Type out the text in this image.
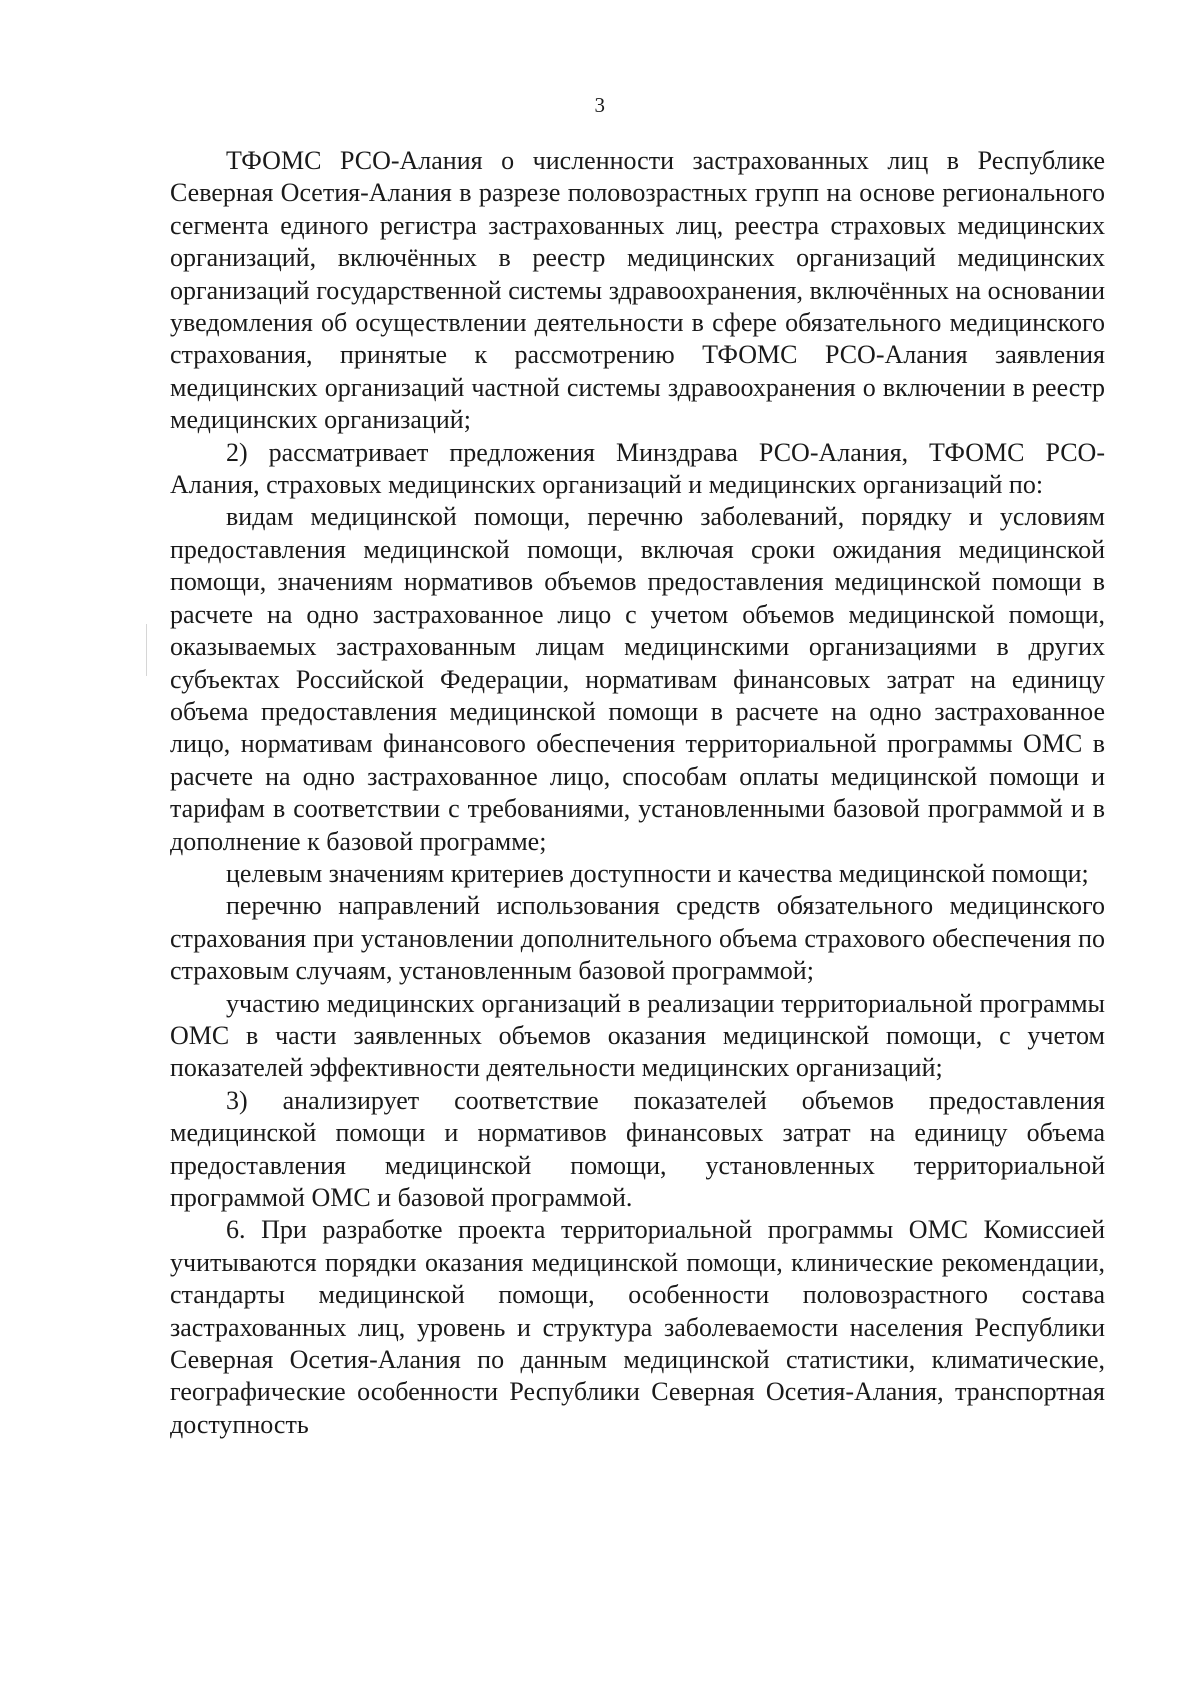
3

ТФОМС РСО-Алания о численности застрахованных лиц в Республике Северная Осетия-Алания в разрезе половозрастных групп на основе регионального сегмента единого регистра застрахованных лиц, реестра страховых медицинских организаций, включённых в реестр медицинских организаций медицинских организаций государственной системы здравоохранения, включённых на основании уведомления об осуществлении деятельности в сфере обязательного медицинского страхования, принятые к рассмотрению ТФОМС РСО-Алания заявления медицинских организаций частной системы здравоохранения о включении в реестр медицинских организаций;

2) рассматривает предложения Минздрава РСО-Алания, ТФОМС РСО-Алания, страховых медицинских организаций и медицинских организаций по:

видам медицинской помощи, перечню заболеваний, порядку и условиям предоставления медицинской помощи, включая сроки ожидания медицинской помощи, значениям нормативов объемов предоставления медицинской помощи в расчете на одно застрахованное лицо с учетом объемов медицинской помощи, оказываемых застрахованным лицам медицинскими организациями в других субъектах Российской Федерации, нормативам финансовых затрат на единицу объема предоставления медицинской помощи в расчете на одно застрахованное лицо, нормативам финансового обеспечения территориальной программы ОМС в расчете на одно застрахованное лицо, способам оплаты медицинской помощи и тарифам в соответствии с требованиями, установленными базовой программой и в дополнение к базовой программе;

целевым значениям критериев доступности и качества медицинской помощи;

перечню направлений использования средств обязательного медицинского страхования при установлении дополнительного объема страхового обеспечения по страховым случаям, установленным базовой программой;

участию медицинских организаций в реализации территориальной программы ОМС в части заявленных объемов оказания медицинской помощи, с учетом показателей эффективности деятельности медицинских организаций;

3) анализирует соответствие показателей объемов предоставления медицинской помощи и нормативов финансовых затрат на единицу объема предоставления медицинской помощи, установленных территориальной программой ОМС и базовой программой.

6. При разработке проекта территориальной программы ОМС Комиссией учитываются порядки оказания медицинской помощи, клинические рекомендации, стандарты медицинской помощи, особенности половозрастного состава застрахованных лиц, уровень и структура заболеваемости населения Республики Северная Осетия-Алания по данным медицинской статистики, климатические, географические особенности Республики Северная Осетия-Алания, транспортная доступность
